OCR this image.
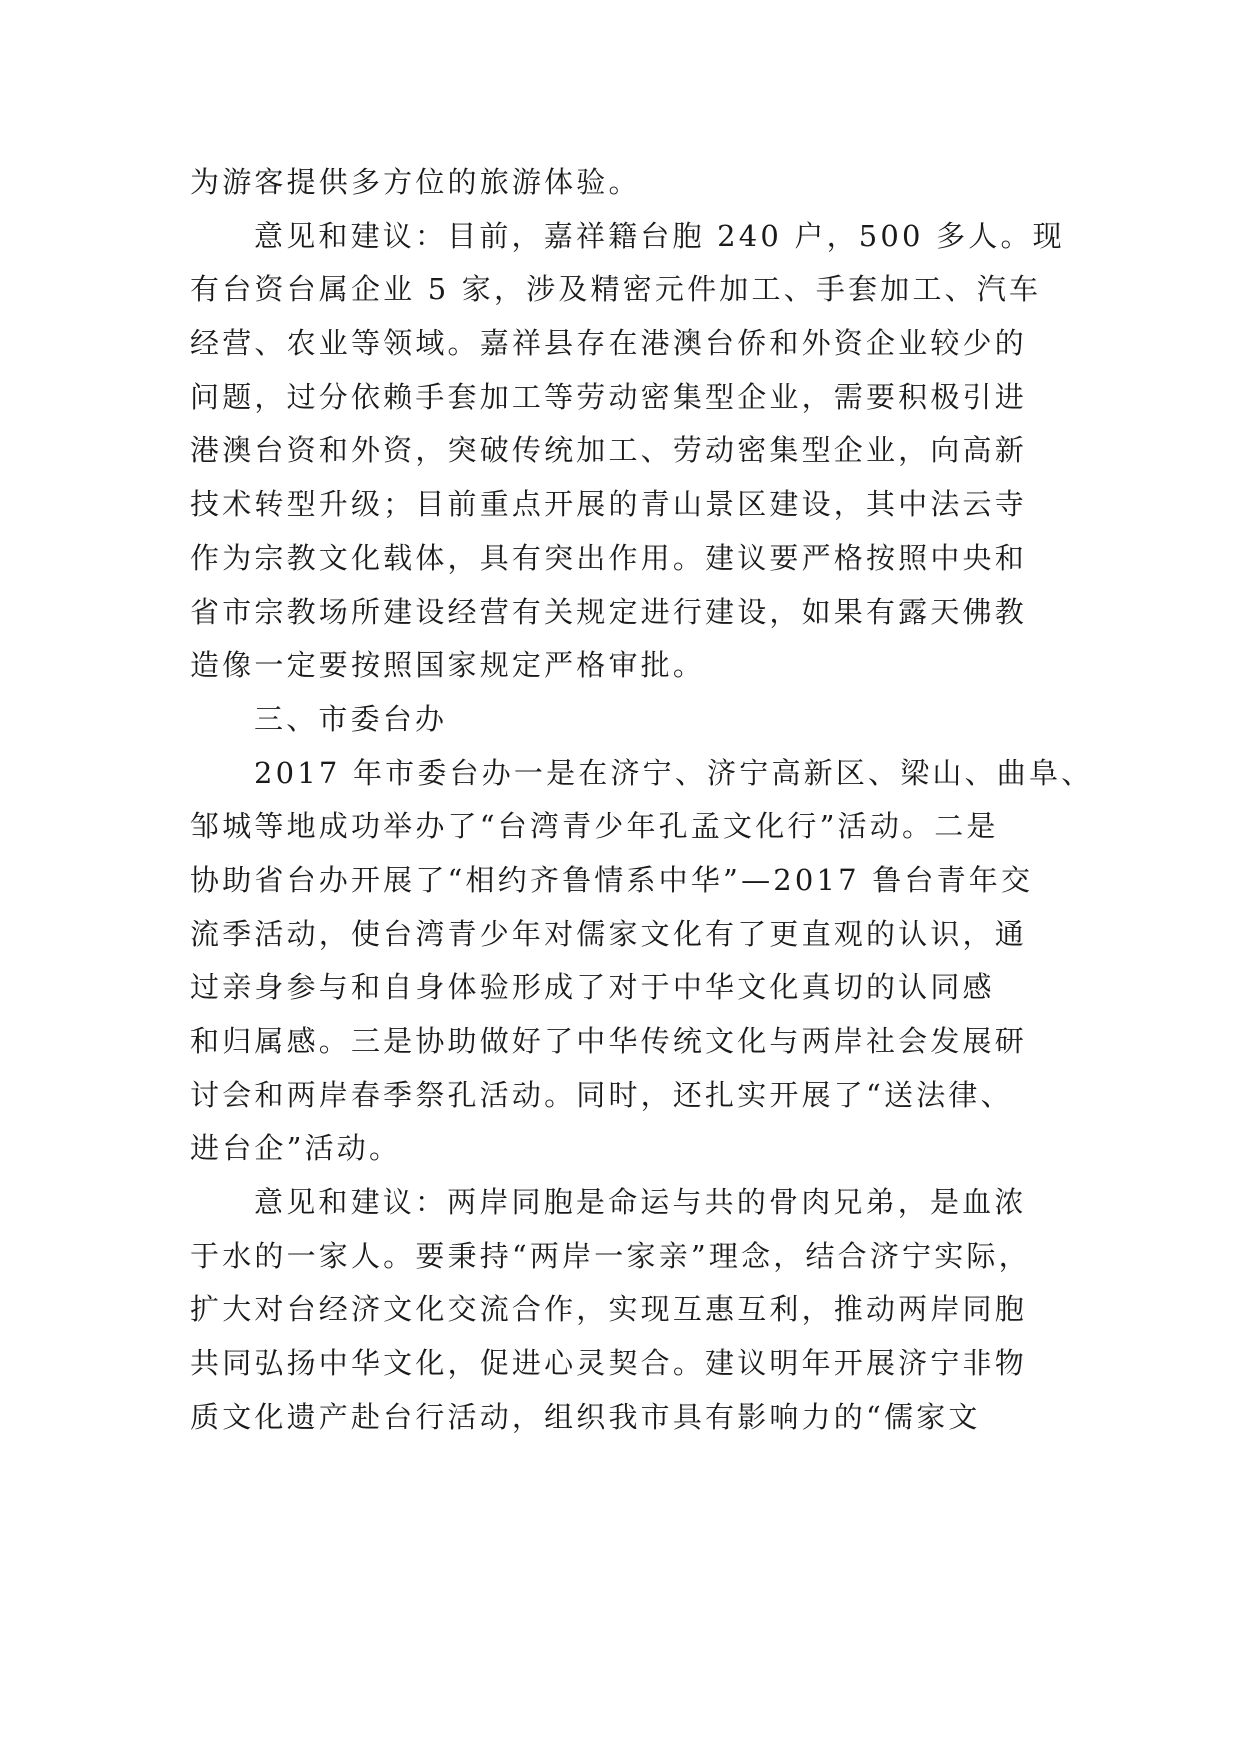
为游客提供多方位的旅游体验。
意见和建议：目前，嘉祥籍台胞 240 户，500 多人。现
有台资台属企业 5 家，涉及精密元件加工、手套加工、汽车
经营、农业等领域。嘉祥县存在港澳台侨和外资企业较少的
问题，过分依赖手套加工等劳动密集型企业，需要积极引进
港澳台资和外资，突破传统加工、劳动密集型企业，向高新
技术转型升级；目前重点开展的青山景区建设，其中法云寺
作为宗教文化载体，具有突出作用。建议要严格按照中央和
省市宗教场所建设经营有关规定进行建设，如果有露天佛教
造像一定要按照国家规定严格审批。
三、市委台办
2017 年市委台办一是在济宁、济宁高新区、梁山、曲阜、
邹城等地成功举办了“台湾青少年孔孟文化行”活动。二是
协助省台办开展了“相约齐鲁情系中华”—2017 鲁台青年交
流季活动，使台湾青少年对儒家文化有了更直观的认识，通
过亲身参与和自身体验形成了对于中华文化真切的认同感
和归属感。三是协助做好了中华传统文化与两岸社会发展研
讨会和两岸春季祭孔活动。同时，还扎实开展了“送法律、
进台企”活动。
意见和建议：两岸同胞是命运与共的骨肉兄弟，是血浓
于水的一家人。要秉持“两岸一家亲”理念，结合济宁实际，
扩大对台经济文化交流合作，实现互惠互利，推动两岸同胞
共同弘扬中华文化，促进心灵契合。建议明年开展济宁非物
质文化遗产赴台行活动，组织我市具有影响力的“儒家文
